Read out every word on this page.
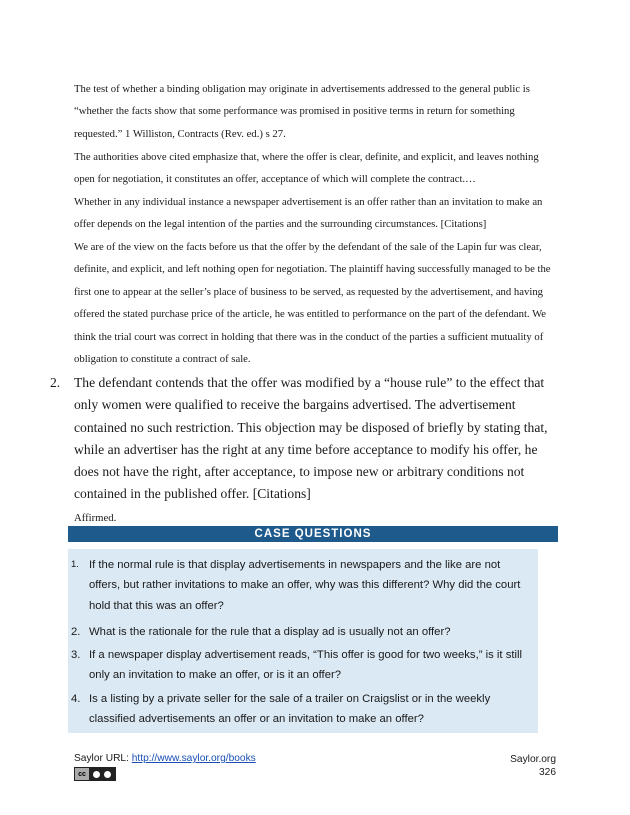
The test of whether a binding obligation may originate in advertisements addressed to the general public is “whether the facts show that some performance was promised in positive terms in return for something requested.” 1 Williston, Contracts (Rev. ed.) s 27.

The authorities above cited emphasize that, where the offer is clear, definite, and explicit, and leaves nothing open for negotiation, it constitutes an offer, acceptance of which will complete the contract.…

Whether in any individual instance a newspaper advertisement is an offer rather than an invitation to make an offer depends on the legal intention of the parties and the surrounding circumstances. [Citations]

We are of the view on the facts before us that the offer by the defendant of the sale of the Lapin fur was clear, definite, and explicit, and left nothing open for negotiation. The plaintiff having successfully managed to be the first one to appear at the seller’s place of business to be served, as requested by the advertisement, and having offered the stated purchase price of the article, he was entitled to performance on the part of the defendant. We think the trial court was correct in holding that there was in the conduct of the parties a sufficient mutuality of obligation to constitute a contract of sale.

2. The defendant contends that the offer was modified by a “house rule” to the effect that only women were qualified to receive the bargains advertised. The advertisement contained no such restriction. This objection may be disposed of briefly by stating that, while an advertiser has the right at any time before acceptance to modify his offer, he does not have the right, after acceptance, to impose new or arbitrary conditions not contained in the published offer. [Citations]
Affirmed.
CASE QUESTIONS
1. If the normal rule is that display advertisements in newspapers and the like are not offers, but rather invitations to make an offer, why was this different? Why did the court hold that this was an offer?
2. What is the rationale for the rule that a display ad is usually not an offer?
3. If a newspaper display advertisement reads, “This offer is good for two weeks,” is it still only an invitation to make an offer, or is it an offer?
4. Is a listing by a private seller for the sale of a trailer on Craigslist or in the weekly classified advertisements an offer or an invitation to make an offer?
Saylor URL: http://www.saylor.org/books
cc
Saylor.org
326
